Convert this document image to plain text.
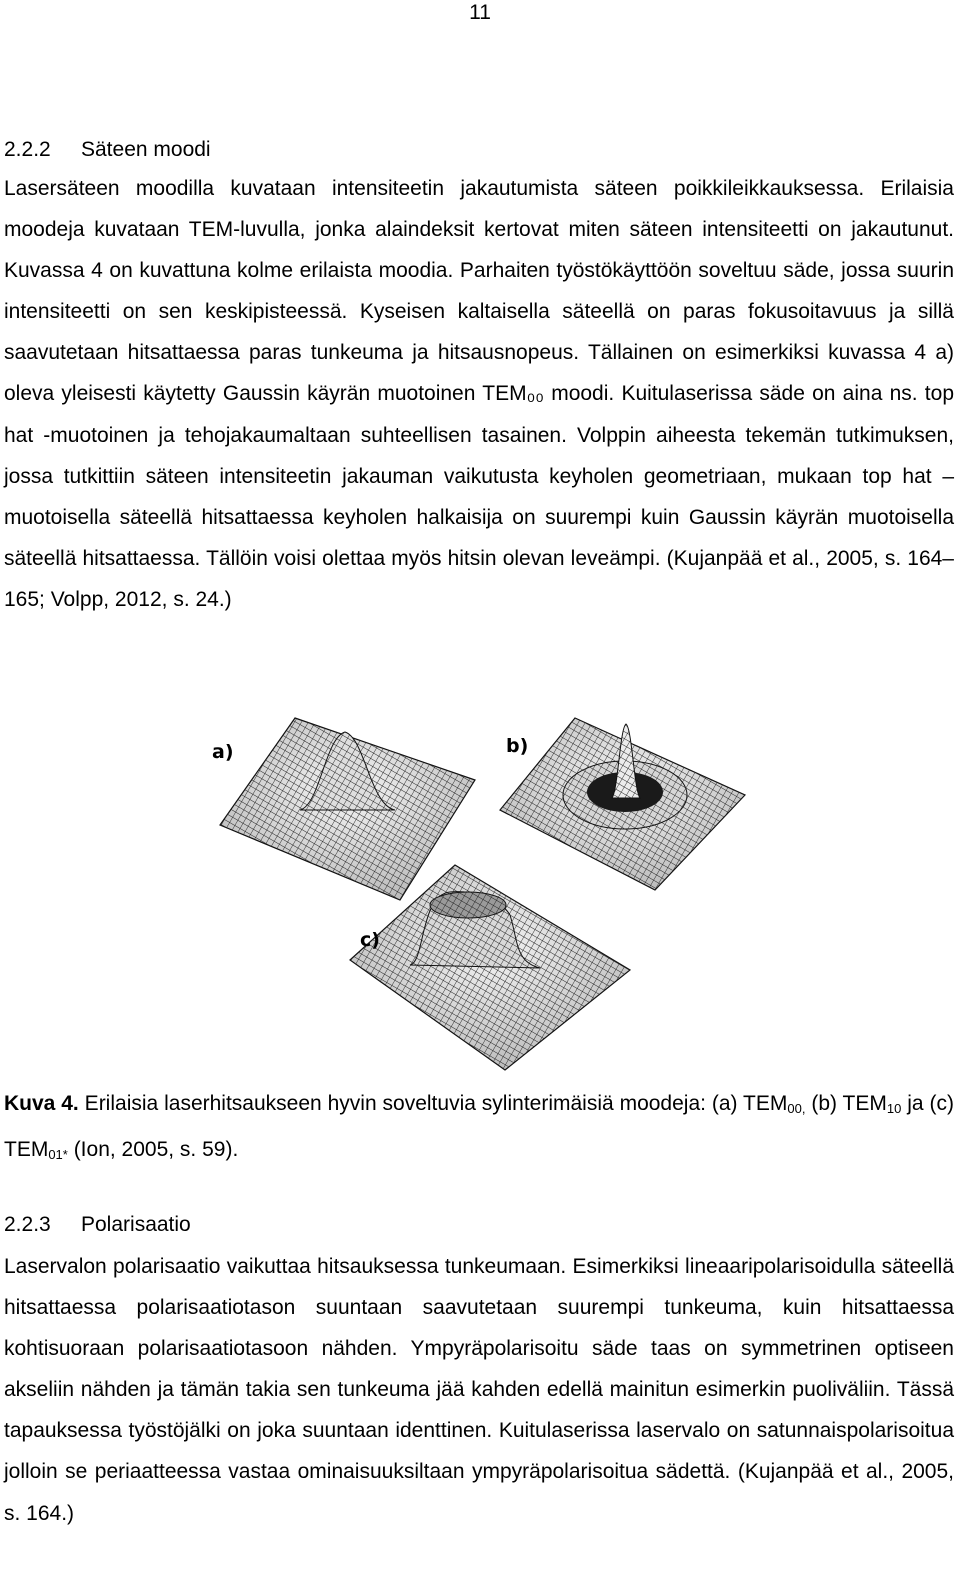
11
2.2.2 Säteen moodi
Lasersäteen moodilla kuvataan intensiteetin jakautumista säteen poikkileikkauksessa. Erilaisia moodeja kuvataan TEM-luvulla, jonka alaindeksit kertovat miten säteen intensiteetti on jakautunut. Kuvassa 4 on kuvattuna kolme erilaista moodia. Parhaiten työstökäyttöön soveltuu säde, jossa suurin intensiteetti on sen keskipisteessä. Kyseisen kaltaisella säteellä on paras fokusoitavuus ja sillä saavutetaan hitsattaessa paras tunkeuma ja hitsausnopeus. Tällainen on esimerkiksi kuvassa 4 a) oleva yleisesti käytetty Gaussin käyrän muotoinen TEM₀₀ moodi. Kuitulaserissa säde on aina ns. top hat -muotoinen ja tehojakaumaltaan suhteellisen tasainen. Volppin aiheesta tekemän tutkimuksen, jossa tutkittiin säteen intensiteetin jakauman vaikutusta keyholen geometriaan, mukaan top hat – muotoisella säteellä hitsattaessa keyholen halkaisija on suurempi kuin Gaussin käyrän muotoisella säteellä hitsattaessa. Tällöin voisi olettaa myös hitsin olevan leveämpi. (Kujanpää et al., 2005, s. 164–165; Volpp, 2012, s. 24.)
a)	b)
c)
Kuva 4. Erilaisia laserhitsaukseen hyvin soveltuvia sylinterimäisiä moodeja: (a) $TEM_{00,}$ (b) $TEM_{10}$ ja (c) $TEM_{01*}$ (Ion, 2005, s. 59).
2.2.3 Polarisaatio
Laservalon polarisaatio vaikuttaa hitsauksessa tunkeumaan. Esimerkiksi lineaaripolarisoidulla säteellä hitsattaessa polarisaatiotason suuntaan saavutetaan suurempi tunkeuma, kuin hitsattaessa kohtisuoraan polarisaatiotasoon nähden. Ympyräpolarisoitu säde taas on symmetrinen optiseen akseliin nähden ja tämän takia sen tunkeuma jää kahden edellä mainitun esimerkin puoliväliin. Tässä tapauksessa työstöjälki on joka suuntaan identtinen. Kuitulaserissa laservalo on satunnaispolarisoitua jolloin se periaatteessa vastaa ominaisuuksiltaan ympyräpolarisoitua sädettä. (Kujanpää et al., 2005, s. 164.)
